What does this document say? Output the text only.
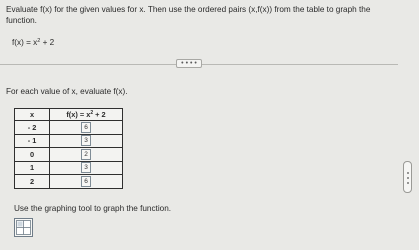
Evaluate f(x) for the given values for x. Then use the ordered pairs (x,f(x)) from the table to graph the
function.
$f(x) = x^2 + 2$
• • • •
For each value of x, evaluate f(x).
x	$f(x) = x^2 + 2$
- 2	6
- 1	3
0	2
1	3
2	6
Use the graphing tool to graph the function.
